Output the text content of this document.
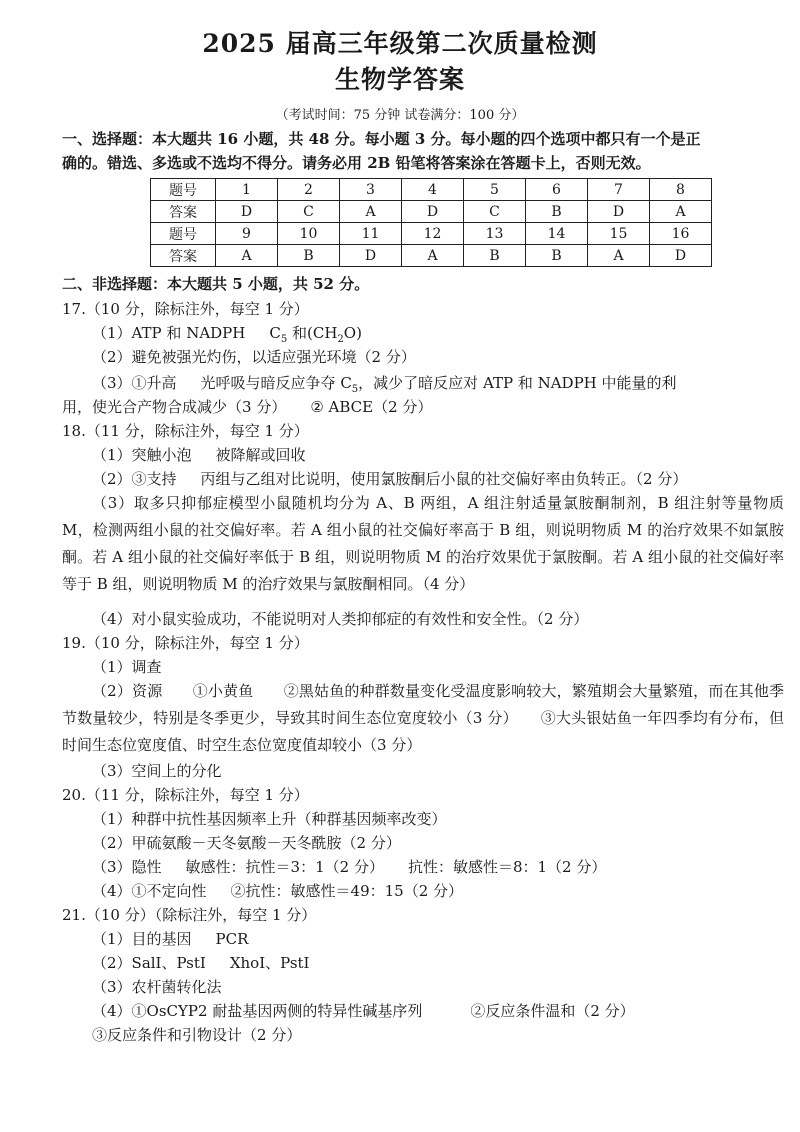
2025 届高三年级第二次质量检测
生物学答案
（考试时间：75 分钟 试卷满分：100 分）
一、选择题：本大题共 16 小题，共 48 分。每小题 3 分。每小题的四个选项中都只有一个是正
确的。错选、多选或不选均不得分。请务必用 2B 铅笔将答案涂在答题卡上，否则无效。
题号	1	2	3	4	5	6	7	8
答案	D	C	A	D	C	B	D	A
题号	9	10	11	12	13	14	15	16
答案	A	B	D	A	B	B	A	D
二、非选择题：本大题共 5 小题，共 52 分。
17.（10 分，除标注外，每空 1 分）
（1）ATP 和 NADPH $C_5$ 和$(CH_2O)$
（2）避免被强光灼伤，以适应强光环境（2 分）
（3）①升高 光呼吸与暗反应争夺 $C_5$，减少了暗反应对 ATP 和 NADPH 中能量的利
用，使光合产物合成减少（3 分） ② ABCE（2 分）
18.（11 分，除标注外，每空 1 分）
（1）突触小泡 被降解或回收
（2）③支持 丙组与乙组对比说明，使用氯胺酮后小鼠的社交偏好率由负转正。（2 分）
（3）取多只抑郁症模型小鼠随机均分为 A、B 两组，A 组注射适量氯胺酮制剂，B 组注射等量物质 M，检测两组小鼠的社交偏好率。若 A 组小鼠的社交偏好率高于 B 组，则说明物质 M 的治疗效果不如氯胺酮。若 A 组小鼠的社交偏好率低于 B 组，则说明物质 M 的治疗效果优于氯胺酮。若 A 组小鼠的社交偏好率等于 B 组，则说明物质 M 的治疗效果与氯胺酮相同。（4 分）
（4）对小鼠实验成功，不能说明对人类抑郁症的有效性和安全性。（2 分）
19.（10 分，除标注外，每空 1 分）
（1）调查
（2）资源　　①小黄鱼　　②黑姑鱼的种群数量变化受温度影响较大，繁殖期会大量繁殖，而在其他季节数量较少，特别是冬季更少，导致其时间生态位宽度较小（3 分）　　③大头银姑鱼一年四季均有分布，但时间生态位宽度值、时空生态位宽度值却较小（3 分）
（3）空间上的分化
20.（11 分，除标注外，每空 1 分）
（1）种群中抗性基因频率上升（种群基因频率改变）
（2）甲硫氨酸－天冬氨酸－天冬酰胺（2 分）
（3）隐性 敏感性：抗性＝3：1（2 分） 抗性：敏感性＝8：1（2 分）
（4）①不定向性 ②抗性：敏感性＝49：15（2 分）
21.（10 分）（除标注外，每空 1 分）
（1）目的基因 PCR
（2）SalI、PstI XhoI、PstI
（3）农杆菌转化法
（4）①OsCYP2 耐盐基因两侧的特异性碱基序列	②反应条件温和（2 分）
③反应条件和引物设计（2 分）
